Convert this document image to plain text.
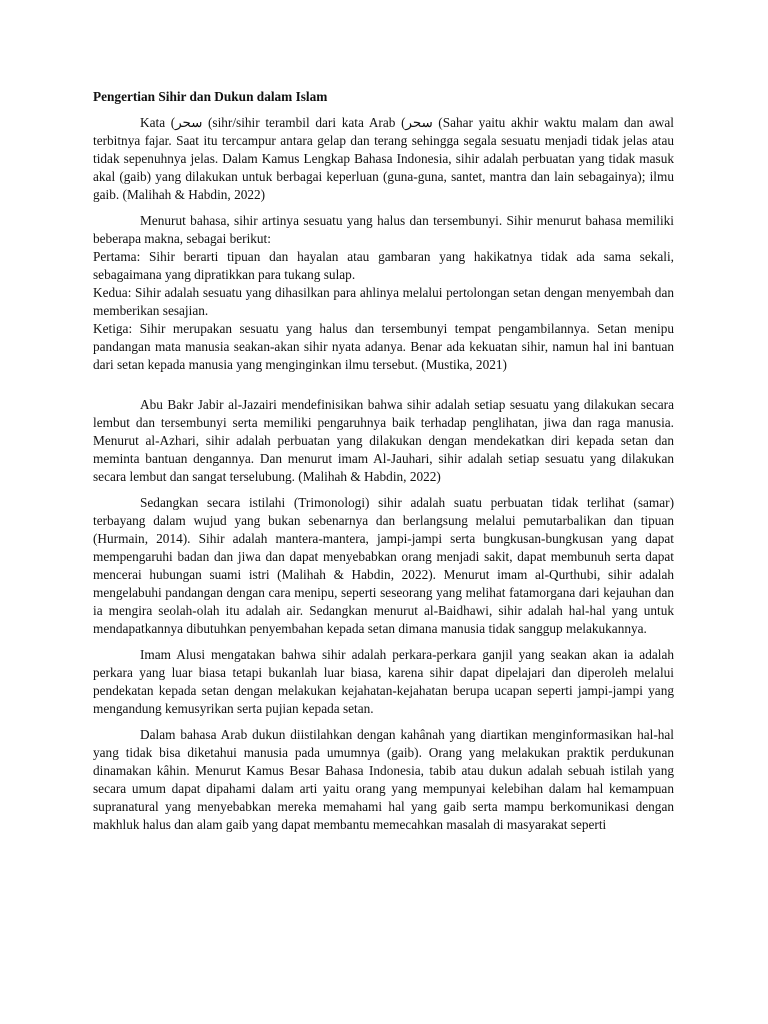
Pengertian Sihir dan Dukun dalam Islam

Kata (سحر (sihr/sihir terambil dari kata Arab (سحر (Sahar yaitu akhir waktu malam dan awal terbitnya fajar. Saat itu tercampur antara gelap dan terang sehingga segala sesuatu menjadi tidak jelas atau tidak sepenuhnya jelas. Dalam Kamus Lengkap Bahasa Indonesia, sihir adalah perbuatan yang tidak masuk akal (gaib) yang dilakukan untuk berbagai keperluan (guna-guna, santet, mantra dan lain sebagainya); ilmu gaib. (Malihah & Habdin, 2022)

Menurut bahasa, sihir artinya sesuatu yang halus dan tersembunyi. Sihir menurut bahasa memiliki beberapa makna, sebagai berikut:

Pertama: Sihir berarti tipuan dan hayalan atau gambaran yang hakikatnya tidak ada sama sekali, sebagaimana yang dipratikkan para tukang sulap.

Kedua: Sihir adalah sesuatu yang dihasilkan para ahlinya melalui pertolongan setan dengan menyembah dan memberikan sesajian.

Ketiga: Sihir merupakan sesuatu yang halus dan tersembunyi tempat pengambilannya. Setan menipu pandangan mata manusia seakan-akan sihir nyata adanya. Benar ada kekuatan sihir, namun hal ini bantuan dari setan kepada manusia yang menginginkan ilmu tersebut. (Mustika, 2021)

Abu Bakr Jabir al-Jazairi mendefinisikan bahwa sihir adalah setiap sesuatu yang dilakukan secara lembut dan tersembunyi serta memiliki pengaruhnya baik terhadap penglihatan, jiwa dan raga manusia. Menurut al-Azhari, sihir adalah perbuatan yang dilakukan dengan mendekatkan diri kepada setan dan meminta bantuan dengannya. Dan menurut imam Al-Jauhari, sihir adalah setiap sesuatu yang dilakukan secara lembut dan sangat terselubung. (Malihah & Habdin, 2022)

Sedangkan secara istilahi (Trimonologi) sihir adalah suatu perbuatan tidak terlihat (samar) terbayang dalam wujud yang bukan sebenarnya dan berlangsung melalui pemutarbalikan dan tipuan (Hurmain, 2014). Sihir adalah mantera-mantera, jampi-jampi serta bungkusan-bungkusan yang dapat mempengaruhi badan dan jiwa dan dapat menyebabkan orang menjadi sakit, dapat membunuh serta dapat mencerai hubungan suami istri (Malihah & Habdin, 2022). Menurut imam al-Qurthubi, sihir adalah mengelabuhi pandangan dengan cara menipu, seperti seseorang yang melihat fatamorgana dari kejauhan dan ia mengira seolah-olah itu adalah air. Sedangkan menurut al-Baidhawi, sihir adalah hal-hal yang untuk mendapatkannya dibutuhkan penyembahan kepada setan dimana manusia tidak sanggup melakukannya.

Imam Alusi mengatakan bahwa sihir adalah perkara-perkara ganjil yang seakan akan ia adalah perkara yang luar biasa tetapi bukanlah luar biasa, karena sihir dapat dipelajari dan diperoleh melalui pendekatan kepada setan dengan melakukan kejahatan-kejahatan berupa ucapan seperti jampi-jampi yang mengandung kemusyrikan serta pujian kepada setan.

Dalam bahasa Arab dukun diistilahkan dengan kahânah yang diartikan menginformasikan hal-hal yang tidak bisa diketahui manusia pada umumnya (gaib). Orang yang melakukan praktik perdukunan dinamakan kâhin. Menurut Kamus Besar Bahasa Indonesia, tabib atau dukun adalah sebuah istilah yang secara umum dapat dipahami dalam arti yaitu orang yang mempunyai kelebihan dalam hal kemampuan supranatural yang menyebabkan mereka memahami hal yang gaib serta mampu berkomunikasi dengan makhluk halus dan alam gaib yang dapat membantu memecahkan masalah di masyarakat seperti
